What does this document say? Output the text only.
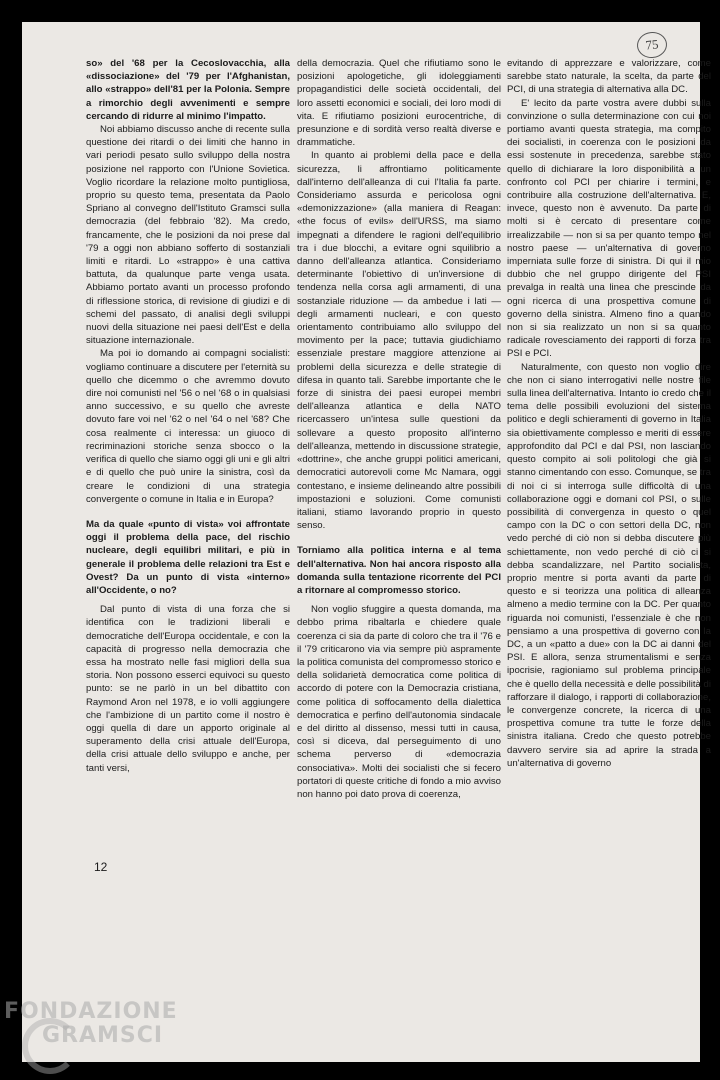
75

so» del '68 per la Cecoslovacchia, alla «dissociazione» del '79 per l'Afghanistan, allo «strappo» dell'81 per la Polonia. Sempre a rimorchio degli avvenimenti e sempre cercando di ridurre al minimo l'impatto.

Noi abbiamo discusso anche di recente sulla questione dei ritardi o dei limiti che hanno in vari periodi pesato sullo sviluppo della nostra posizione nel rapporto con l'Unione Sovietica. Voglio ricordare la relazione molto puntigliosa, proprio su questo tema, presentata da Paolo Spriano al convegno dell'Istituto Gramsci sulla democrazia (del febbraio '82). Ma credo, francamente, che le posizioni da noi prese dal '79 a oggi non abbiano sofferto di sostanziali limiti e ritardi. Lo «strappo» è una cattiva battuta, da qualunque parte venga usata. Abbiamo portato avanti un processo profondo di riflessione storica, di revisione di giudizi e di schemi del passato, di analisi degli sviluppi nuovi della situazione nei paesi dell'Est e della situazione internazionale.

Ma poi io domando ai compagni socialisti: vogliamo continuare a discutere per l'eternità su quello che dicemmo o che avremmo dovuto dire noi comunisti nel '56 o nel '68 o in qualsiasi anno successivo, e su quello che avreste dovuto fare voi nel '62 o nel '64 o nel '68? Che cosa realmente ci interessa: un giuoco di recriminazioni storiche senza sbocco o la verifica di quello che siamo oggi gli uni e gli altri e di quello che può unire la sinistra, così da creare le condizioni di una strategia convergente o comune in Italia e in Europa?

Ma da quale «punto di vista» voi affrontate oggi il problema della pace, del rischio nucleare, degli equilibri militari, e più in generale il problema delle relazioni tra Est e Ovest? Da un punto di vista «interno» all'Occidente, o no?

Dal punto di vista di una forza che si identifica con le tradizioni liberali e democratiche dell'Europa occidentale, e con la capacità di progresso nella democrazia che essa ha mostrato nelle fasi migliori della sua storia. Non possono esserci equivoci su questo punto: se ne parlò in un bel dibattito con Raymond Aron nel 1978, e io volli aggiungere che l'ambizione di un partito come il nostro è oggi quella di dare un apporto originale al superamento della crisi attuale dell'Europa, della crisi attuale dello sviluppo e anche, per tanti versi,

della democrazia. Quel che rifiutiamo sono le posizioni apologetiche, gli idoleggiamenti propagandistici delle società occidentali, del loro assetti economici e sociali, dei loro modi di vita. E rifiutiamo posizioni eurocentriche, di presunzione e di sordità verso realtà diverse e drammatiche.

In quanto ai problemi della pace e della sicurezza, li affrontiamo politicamente dall'interno dell'alleanza di cui l'Italia fa parte. Consideriamo assurda e pericolosa ogni «demonizzazione» (alla maniera di Reagan: «the focus of evils» dell'URSS, ma siamo impegnati a difendere le ragioni dell'equilibrio tra i due blocchi, a evitare ogni squilibrio a danno dell'alleanza atlantica. Consideriamo determinante l'obiettivo di un'inversione di tendenza nella corsa agli armamenti, di una sostanziale riduzione — da ambedue i lati — degli armamenti nucleari, e con questo orientamento contribuiamo allo sviluppo del movimento per la pace; tuttavia giudichiamo essenziale prestare maggiore attenzione ai problemi della sicurezza e delle strategie di difesa in quanto tali. Sarebbe importante che le forze di sinistra dei paesi europei membri dell'alleanza atlantica e della NATO ricercassero un'intesa sulle questioni da sollevare a questo proposito all'interno dell'alleanza, mettendo in discussione strategie, «dottrine», che anche gruppi politici americani, democratici autorevoli come Mc Namara, oggi contestano, e insieme delineando altre possibili impostazioni e soluzioni. Come comunisti italiani, stiamo lavorando proprio in questo senso.

Torniamo alla politica interna e al tema dell'alternativa. Non hai ancora risposto alla domanda sulla tentazione ricorrente del PCI a ritornare al compromesso storico.

Non voglio sfuggire a questa domanda, ma debbo prima ribaltarla e chiedere quale coerenza ci sia da parte di coloro che tra il '76 e il '79 criticarono via via sempre più aspramente la politica comunista del compromesso storico e della solidarietà democratica come politica di accordo di potere con la Democrazia cristiana, come politica di soffocamento della dialettica democratica e perfino dell'autonomia sindacale e del diritto al dissenso, messi tutti in causa, così si diceva, dal perseguimento di uno schema perverso di «democrazia consociativa». Molti dei socialisti che si fecero portatori di queste critiche di fondo a mio avviso non hanno poi dato prova di coerenza,

evitando di apprezzare e valorizzare, come sarebbe stato naturale, la scelta, da parte del PCI, di una strategia di alternativa alla DC.

E' lecito da parte vostra avere dubbi sulla convinzione o sulla determinazione con cui noi portiamo avanti questa strategia, ma compito dei socialisti, in coerenza con le posizioni da essi sostenute in precedenza, sarebbe stato quello di dichiarare la loro disponibilità a un confronto col PCI per chiarire i termini, e contribuire alla costruzione dell'alternativa. E, invece, questo non è avvenuto. Da parte di molti si è cercato di presentare come irrealizzabile — non si sa per quanto tempo nel nostro paese — un'alternativa di governo imperniata sulle forze di sinistra. Di qui il mio dubbio che nel gruppo dirigente del PSI prevalga in realtà una linea che prescinde da ogni ricerca di una prospettiva comune di governo della sinistra. Almeno fino a quando non si sia realizzato un non si sa quanto radicale rovesciamento dei rapporti di forza tra PSI e PCI.

Naturalmente, con questo non voglio dire che non ci siano interrogativi nelle nostre file sulla linea dell'alternativa. Intanto io credo che il tema delle possibili evoluzioni del sistema politico e degli schieramenti di governo in Italia sia obiettivamente complesso e meriti di essere approfondito dal PCI e dal PSI, non lasciando questo compito ai soli politologi che già si stanno cimentando con esso. Comunque, se tra di noi ci si interroga sulle difficoltà di una collaborazione oggi e domani col PSI, o sulle possibilità di convergenza in questo o quel campo con la DC o con settori della DC, non vedo perché di ciò non si debba discutere più schiettamente, non vedo perché di ciò ci si debba scandalizzare, nel Partito socialista, proprio mentre si porta avanti da parte di questo e si teorizza una politica di alleanza almeno a medio termine con la DC. Per quanto riguarda noi comunisti, l'essenziale è che non pensiamo a una prospettiva di governo con la DC, a un «patto a due» con la DC ai danni del PSI. E allora, senza strumentalismi e senza ipocrisie, ragioniamo sul problema principale che è quello della necessità e delle possibilità di rafforzare il dialogo, i rapporti di collaborazione, le convergenze concrete, la ricerca di una prospettiva comune tra tutte le forze della sinistra italiana. Credo che questo potrebbe davvero servire sia ad aprire la strada a un'alternativa di governo

12
FONDAZIONE
GRAMSCI
